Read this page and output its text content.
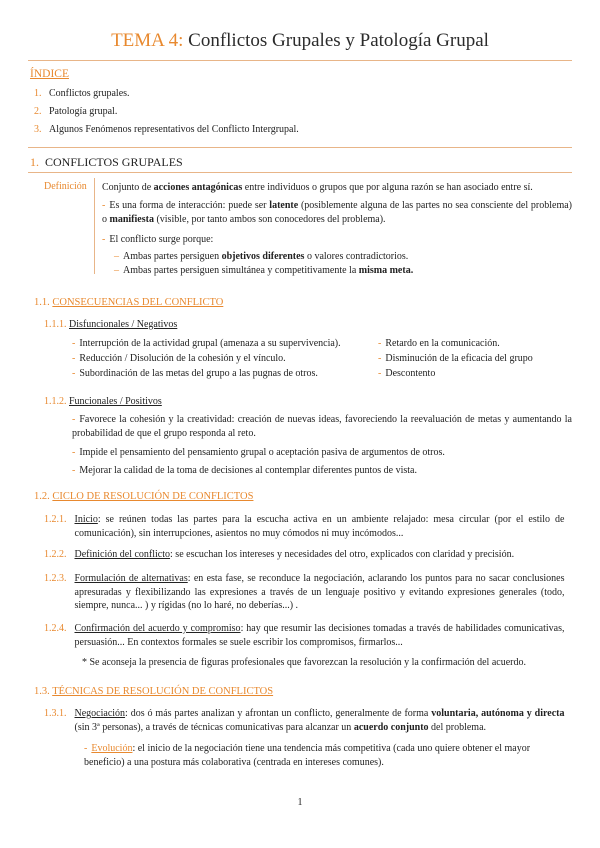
TEMA 4: Conflictos Grupales y Patología Grupal
ÍNDICE
1. Conflictos grupales.
2. Patología grupal.
3. Algunos Fenómenos representativos del Conflicto Intergrupal.
1. CONFLICTOS GRUPALES
Definición Conjunto de acciones antagónicas entre individuos o grupos que por alguna razón se han asociado entre sí.
- Es una forma de interacción: puede ser latente (posiblemente alguna de las partes no sea consciente del problema) o manifiesta (visible, por tanto ambos son conocedores del problema).
- El conflicto surge porque:
– Ambas partes persiguen objetivos diferentes o valores contradictorios.
– Ambas partes persiguen simultánea y competitivamente la misma meta.
1.1. CONSECUENCIAS DEL CONFLICTO
1.1.1. Disfuncionales / Negativos
- Interrupción de la actividad grupal (amenaza a su supervivencia).
- Reducción / Disolución de la cohesión y el vínculo.
- Subordinación de las metas del grupo a las pugnas de otros.
- Retardo en la comunicación.
- Disminución de la eficacia del grupo
- Descontento
1.1.2. Funcionales / Positivos
- Favorece la cohesión y la creatividad: creación de nuevas ideas, favoreciendo la reevaluación de metas y aumentando la probabilidad de que el grupo responda al reto.
- Impide el pensamiento del pensamiento grupal o aceptación pasiva de argumentos de otros.
- Mejorar la calidad de la toma de decisiones al contemplar diferentes puntos de vista.
1.2. CICLO DE RESOLUCIÓN DE CONFLICTOS
1.2.1. Inicio: se reúnen todas las partes para la escucha activa en un ambiente relajado: mesa circular (por el estilo de comunicación), sin interrupciones, asientos no muy cómodos ni muy incómodos...
1.2.2. Definición del conflicto: se escuchan los intereses y necesidades del otro, explicados con claridad y precisión.
1.2.3. Formulación de alternativas: en esta fase, se reconduce la negociación, aclarando los puntos para no sacar conclusiones apresuradas y flexibilizando las expresiones a través de un lenguaje positivo y evitando expresiones generales (todo, siempre, nunca... ) y rígidas (no lo haré, no deberías...) .
1.2.4. Confirmación del acuerdo y compromiso: hay que resumir las decisiones tomadas a través de habilidades comunicativas, persuasión... En contextos formales se suele escribir los compromisos, firmarlos...
* Se aconseja la presencia de figuras profesionales que favorezcan la resolución y la confirmación del acuerdo.
1.3. TÉCNICAS DE RESOLUCIÓN DE CONFLICTOS
1.3.1. Negociación: dos ó más partes analizan y afrontan un conflicto, generalmente de forma voluntaria, autónoma y directa (sin 3ª personas), a través de técnicas comunicativas para alcanzar un acuerdo conjunto del problema.
- Evolución: el inicio de la negociación tiene una tendencia más competitiva (cada uno quiere obtener el mayor beneficio) a una postura más colaborativa (centrada en intereses comunes).
1
